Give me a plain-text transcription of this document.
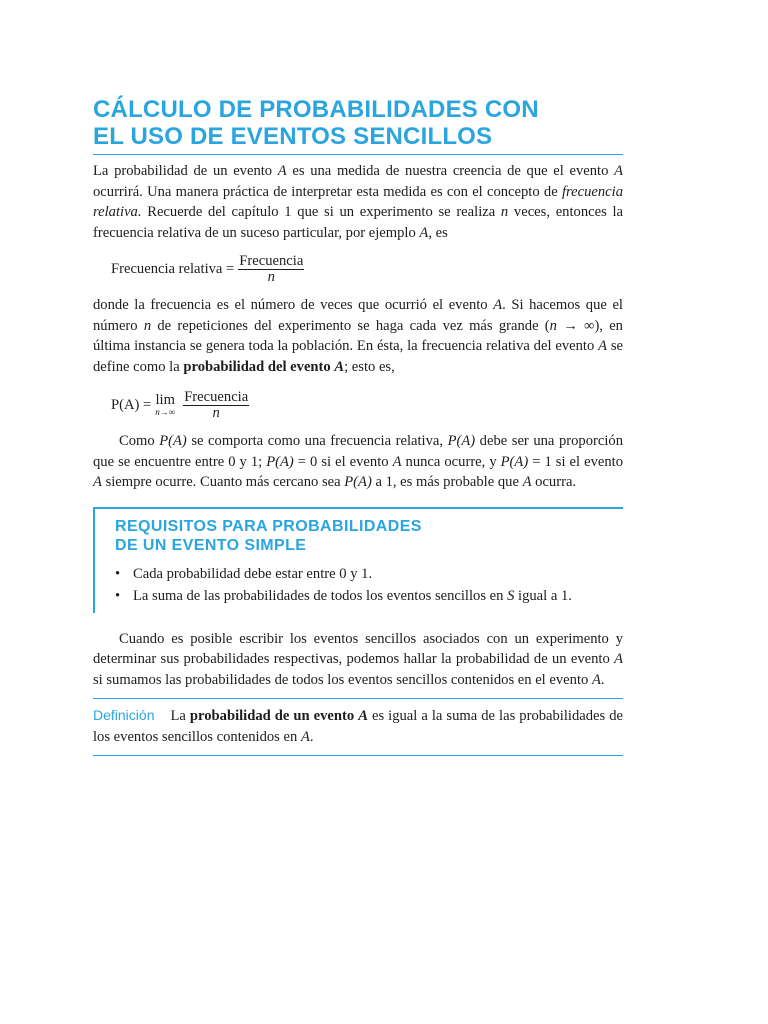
CÁLCULO DE PROBABILIDADES CON
EL USO DE EVENTOS SENCILLOS

La probabilidad de un evento A es una medida de nuestra creencia de que el evento A ocurrirá. Una manera práctica de interpretar esta medida es con el concepto de frecuencia relativa. Recuerde del capítulo 1 que si un experimento se realiza n veces, entonces la frecuencia relativa de un suceso particular, por ejemplo A, es

Frecuencia relativa = $\frac{\text{Frecuencia}}{n}$

donde la frecuencia es el número de veces que ocurrió el evento A. Si hacemos que el número n de repeticiones del experimento se haga cada vez más grande (n → ∞), en última instancia se genera toda la población. En ésta, la frecuencia relativa del evento A se define como la probabilidad del evento A; esto es,

P(A) = lim
$n\to\infty \frac{\text{Frecuencia}}{n}$

Como P(A) se comporta como una frecuencia relativa, P(A) debe ser una proporción que se encuentre entre 0 y 1; P(A) = 0 si el evento A nunca ocurre, y P(A) = 1 si el evento A siempre ocurre. Cuanto más cercano sea P(A) a 1, es más probable que A ocurra.

REQUISITOS PARA PROBABILIDADES
DE UN EVENTO SIMPLE
• Cada probabilidad debe estar entre 0 y 1.
• La suma de las probabilidades de todos los eventos sencillos en S igual a 1.

Cuando es posible escribir los eventos sencillos asociados con un experimento y determinar sus probabilidades respectivas, podemos hallar la probabilidad de un evento A si sumamos las probabilidades de todos los eventos sencillos contenidos en el evento A.

Definición La probabilidad de un evento A es igual a la suma de las probabilidades de los eventos sencillos contenidos en A.
